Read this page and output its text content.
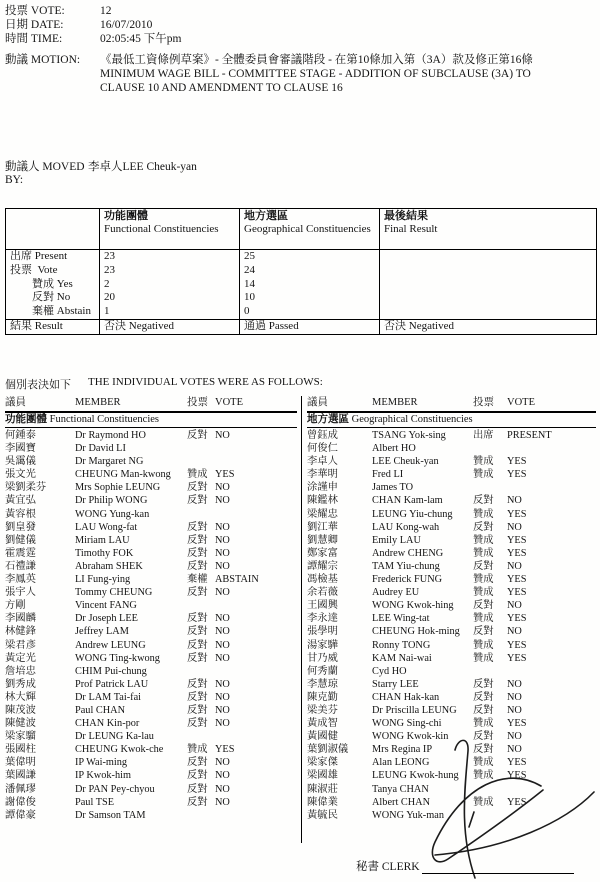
投票 VOTE:	12
日期 DATE:	16/07/2010
時間 TIME:	02:05:45 下午pm
動議 MOTION:	《最低工資條例草案》- 全體委員會審議階段 - 在第10條加入第（3A）款及修正第16條
MINIMUM WAGE BILL - COMMITTEE STAGE - ADDITION OF SUBCLAUSE (3A) TO
CLAUSE 10 AND AMENDMENT TO CLAUSE 16
動議人 MOVED BY:
李卓人LEE Cheuk-yan
功能團體
Functional Constituencies
地方選區
Geographical Constituencies
最後結果
Final Result
出席 Present	23	25
投票  Vote	23	24
　　贊成 Yes	2	14
　　反對 No	20	10
　　棄權 Abstain	1	0
結果 Result	否決 Negatived	通過 Passed	否決 Negatived
個別表決如下	THE INDIVIDUAL VOTES WERE AS FOLLOWS:
議員	MEMBER	投票 VOTE
功能團體 Functional Constituencies
何鍾泰	Dr Raymond HO	反對 NO
李國寶	Dr David LI
吳靄儀	Dr Margaret NG
張文光	CHEUNG Man-kwong	贊成 YES
梁劉柔芬	Mrs Sophie LEUNG	反對 NO
黃宜弘	Dr Philip WONG	反對 NO
黃容根	WONG Yung-kan
劉皇發	LAU Wong-fat	反對 NO
劉健儀	Miriam LAU	反對 NO
霍震霆	Timothy FOK	反對 NO
石禮謙	Abraham SHEK	反對 NO
李鳳英	LI Fung-ying	棄權 ABSTAIN
張宇人	Tommy CHEUNG	反對 NO
方剛	Vincent FANG
李國麟	Dr Joseph LEE	反對 NO
林健鋒	Jeffrey LAM	反對 NO
梁君彥	Andrew LEUNG	反對 NO
黃定光	WONG Ting-kwong	反對 NO
詹培忠	CHIM Pui-chung
劉秀成	Prof Patrick LAU	反對 NO
林大輝	Dr LAM Tai-fai	反對 NO
陳茂波	Paul CHAN	反對 NO
陳健波	CHAN Kin-por	反對 NO
梁家騮	Dr LEUNG Ka-lau
張國柱	CHEUNG Kwok-che	贊成 YES
葉偉明	IP Wai-ming	反對 NO
葉國謙	IP Kwok-him	反對 NO
潘佩璆	Dr PAN Pey-chyou	反對 NO
謝偉俊	Paul TSE	反對 NO
譚偉豪	Dr Samson TAM
議員	MEMBER	投票	VOTE
地方選區 Geographical Constituencies
曾鈺成	TSANG Yok-sing	出席	PRESENT
何俊仁	Albert HO
李卓人	LEE Cheuk-yan	贊成	YES
李華明	Fred LI	贊成	YES
涂謹申	James TO
陳鑑林	CHAN Kam-lam	反對	NO
梁耀忠	LEUNG Yiu-chung	贊成	YES
劉江華	LAU Kong-wah	反對	NO
劉慧卿	Emily LAU	贊成	YES
鄭家富	Andrew CHENG	贊成	YES
譚耀宗	TAM Yiu-chung	反對	NO
馮檢基	Frederick FUNG	贊成	YES
余若薇	Audrey EU	贊成	YES
王國興	WONG Kwok-hing	反對	NO
李永達	LEE Wing-tat	贊成	YES
張學明	CHEUNG Hok-ming	反對	NO
湯家驊	Ronny TONG	贊成	YES
甘乃威	KAM Nai-wai	贊成	YES
何秀蘭	Cyd HO
李慧琼	Starry LEE	反對	NO
陳克勤	CHAN Hak-kan	反對	NO
梁美芬	Dr Priscilla LEUNG	反對	NO
黃成智	WONG Sing-chi	贊成	YES
黃國健	WONG Kwok-kin	反對	NO
葉劉淑儀	Mrs Regina IP	反對	NO
梁家傑	Alan LEONG	贊成	YES
梁國雄	LEUNG Kwok-hung	贊成	YES
陳淑莊	Tanya CHAN
陳偉業	Albert CHAN	贊成	YES
黃毓民	WONG Yuk-man
秘書 CLERK
